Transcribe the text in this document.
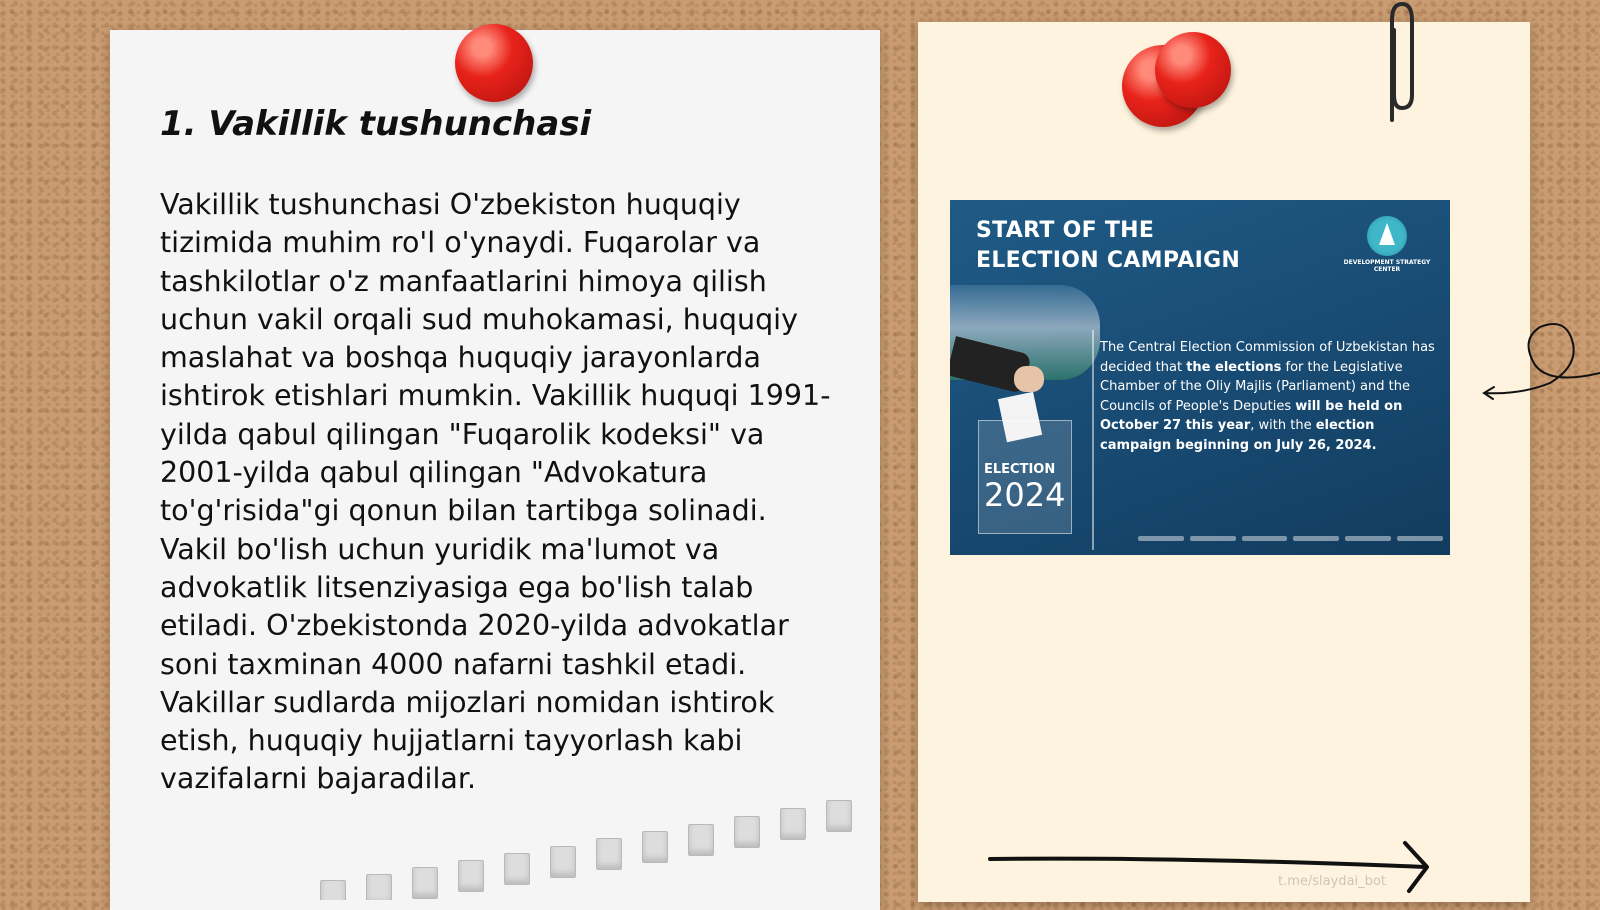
1. Vakillik tushunchasi

Vakillik tushunchasi O'zbekiston huquqiy tizimida muhim ro'l o'ynaydi. Fuqarolar va tashkilotlar o'z manfaatlarini himoya qilish uchun vakil orqali sud muhokamasi, huquqiy maslahat va boshqa huquqiy jarayonlarda ishtirok etishlari mumkin. Vakillik huquqi 1991-yilda qabul qilingan "Fuqarolik kodeksi" va 2001-yilda qabul qilingan "Advokatura to'g'risida"gi qonun bilan tartibga solinadi. Vakil bo'lish uchun yuridik ma'lumot va advokatlik litsenziyasiga ega bo'lish talab etiladi. O'zbekistonda 2020-yilda advokatlar soni taxminan 4000 nafarni tashkil etadi. Vakillar sudlarda mijozlari nomidan ishtirok etish, huquqiy hujjatlarni tayyorlash kabi vazifalarni bajaradilar.

START OF THE
ELECTION CAMPAIGN	DEVELOPMENT STRATEGY CENTER
ELECTION
2024

The Central Election Commission of Uzbekistan has decided that the elections for the Legislative Chamber of the Oliy Majlis (Parliament) and the Councils of People's Deputies will be held on October 27 this year, with the election campaign beginning on July 26, 2024.

t.me/slaydai_bot
